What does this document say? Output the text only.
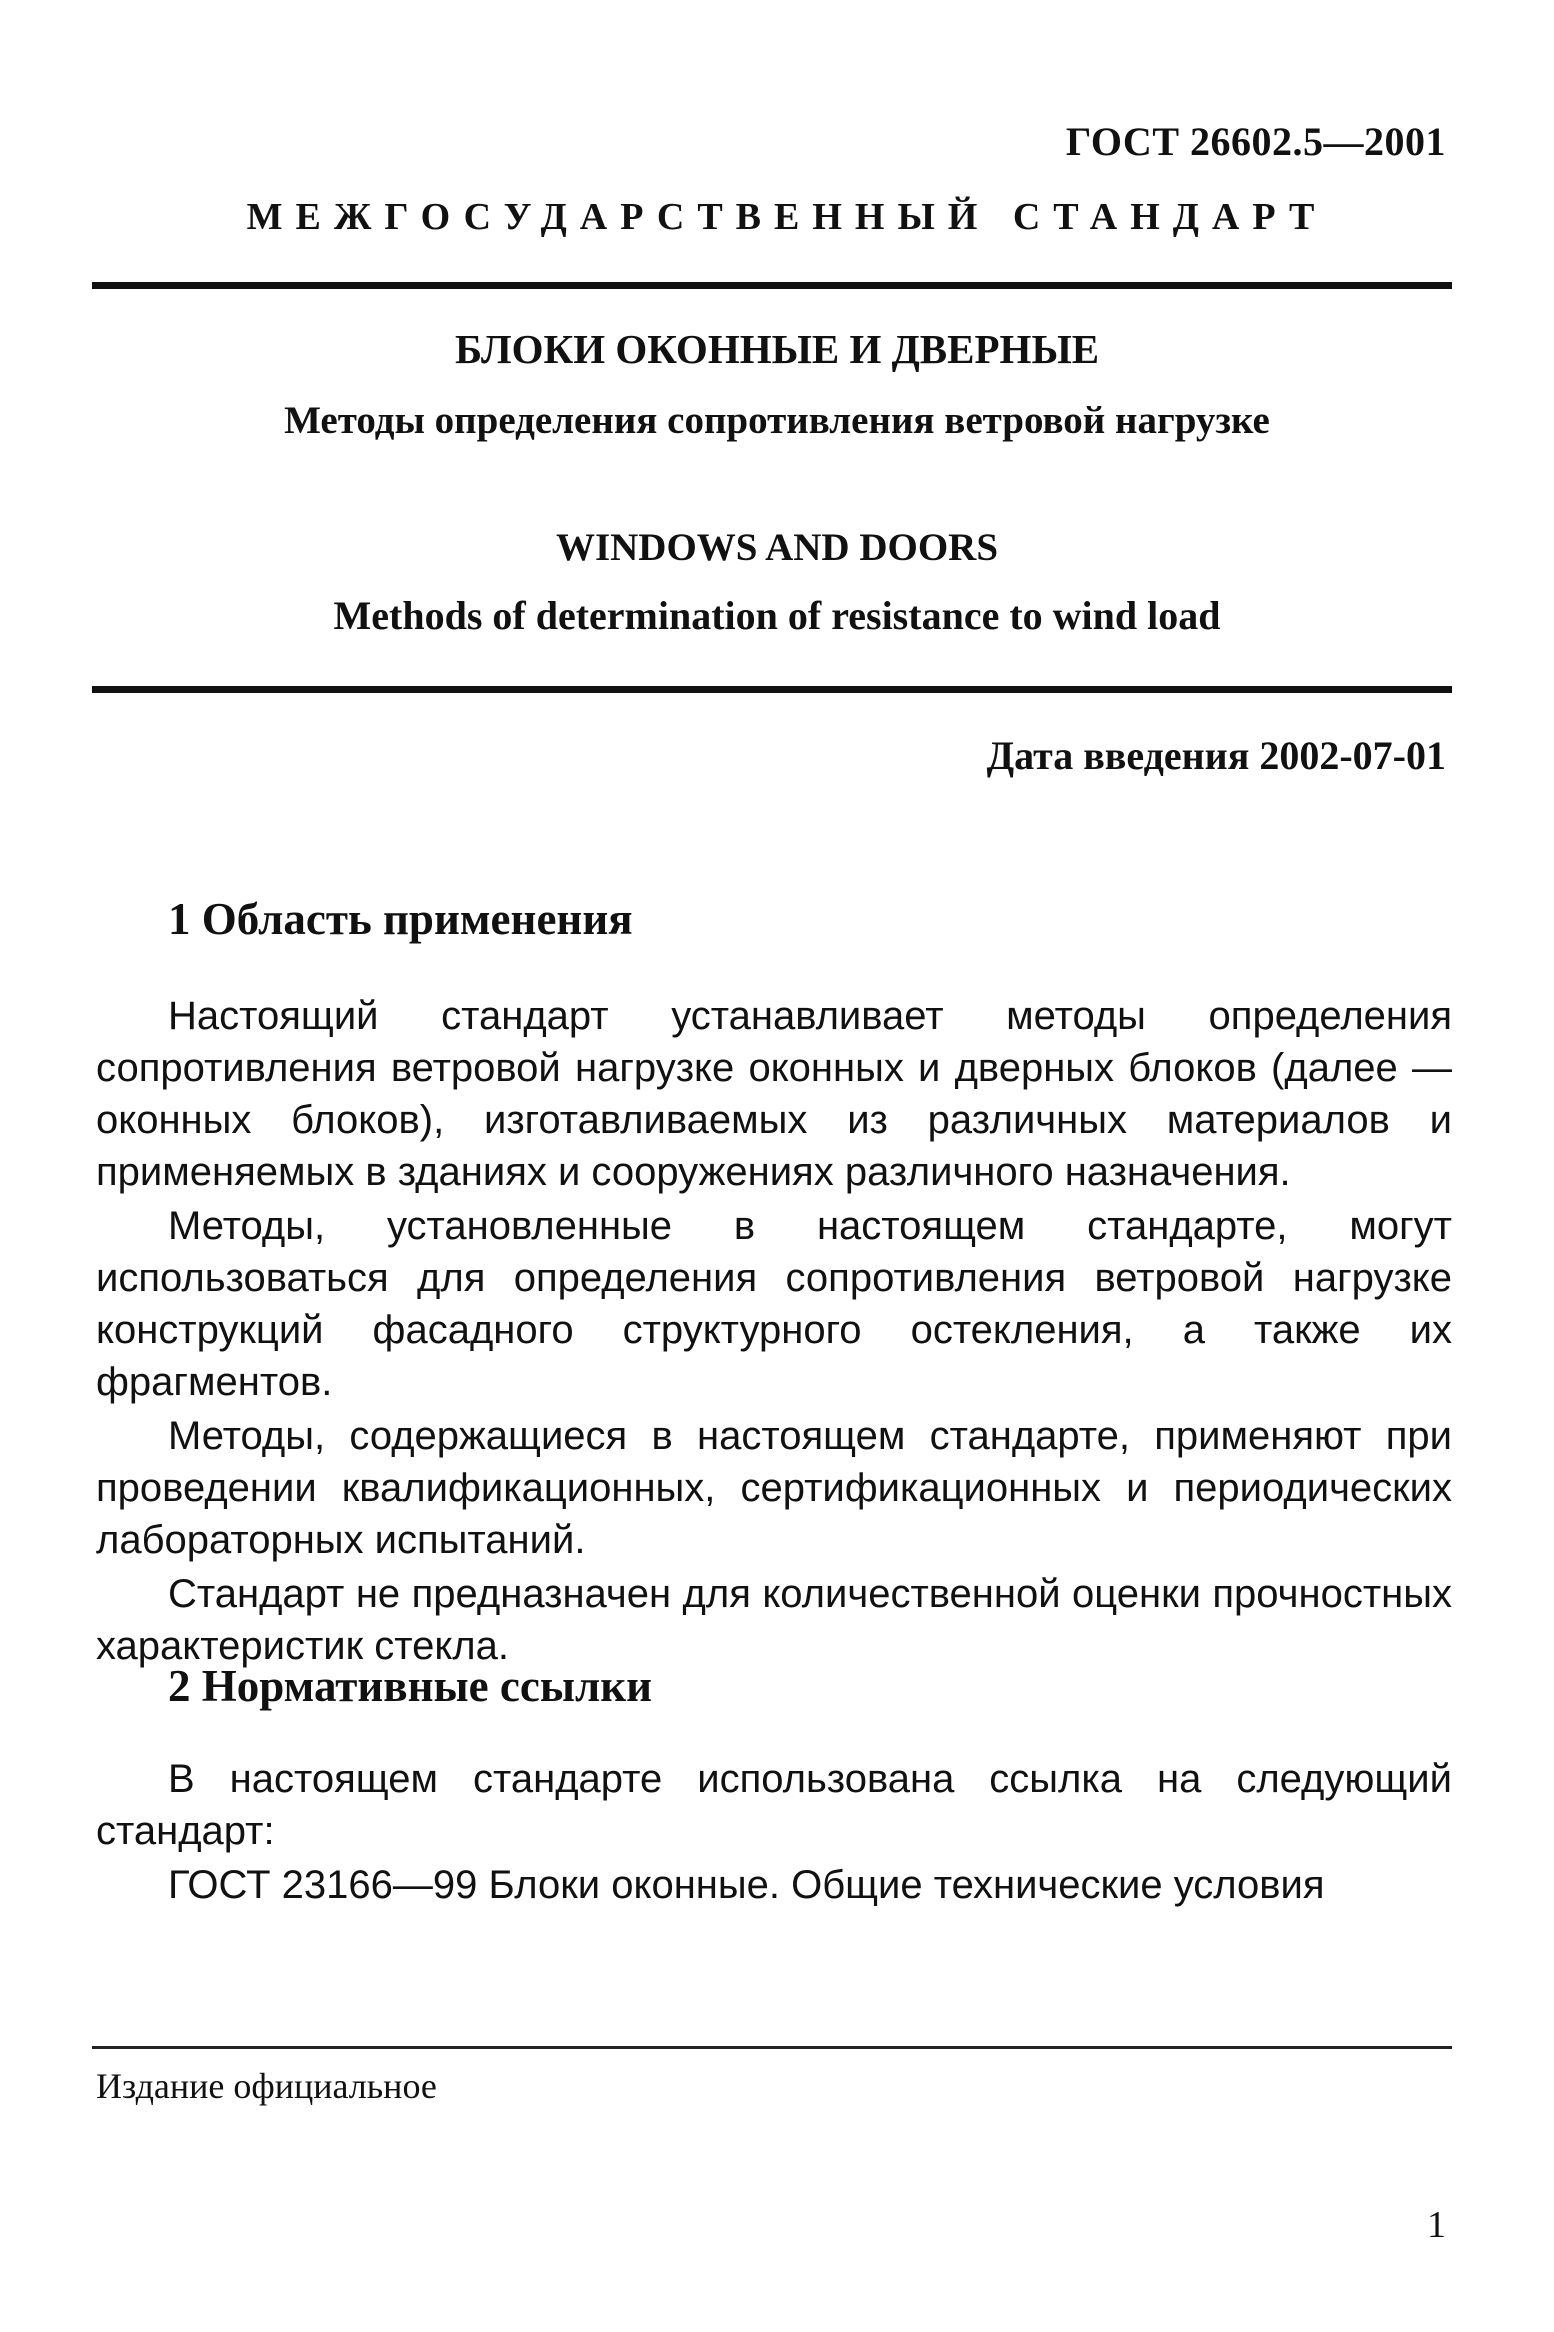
ГОСТ 26602.5—2001
МЕЖГОСУДАРСТВЕННЫЙ СТАНДАРТ
БЛОКИ ОКОННЫЕ И ДВЕРНЫЕ
Методы определения сопротивления ветровой нагрузке
WINDOWS AND DOORS
Methods of determination of resistance to wind load
Дата введения 2002-07-01
1 Область применения

Настоящий стандарт устанавливает методы определения сопротивления ветровой нагрузке оконных и дверных блоков (далее — оконных блоков), изготавливаемых из различных материалов и применяемых в зданиях и сооружениях различного назначения.

Методы, установленные в настоящем стандарте, могут использоваться для определения сопротивления ветровой нагрузке конструкций фасадного структурного остекления, а также их фрагментов.

Методы, содержащиеся в настоящем стандарте, применяют при проведении квалификационных, сертификационных и периодических лабораторных испытаний.

Стандарт не предназначен для количественной оценки прочностных характеристик стекла.

2 Нормативные ссылки

В настоящем стандарте использована ссылка на следующий стандарт:

ГОСТ 23166—99 Блоки оконные. Общие технические условия

Издание официальное
1
